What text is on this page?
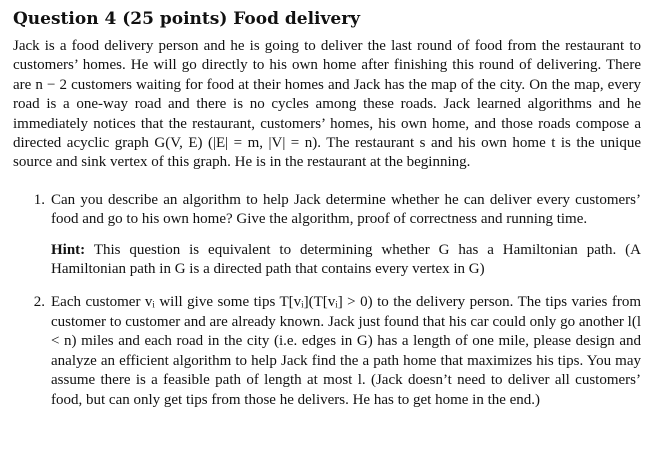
Question 4 (25 points) Food delivery

Jack is a food delivery person and he is going to deliver the last round of food from the restaurant to customers’ homes. He will go directly to his own home after finishing this round of delivering. There are n − 2 customers waiting for food at their homes and Jack has the map of the city. On the map, every road is a one-way road and there is no cycles among these roads. Jack learned algorithms and he immediately notices that the restaurant, customers’ homes, his own home, and those roads compose a directed acyclic graph G(V, E) (|E| = m, |V| = n). The restaurant s and his own home t is the unique source and sink vertex of this graph. He is in the restaurant at the beginning.

1. Can you describe an algorithm to help Jack determine whether he can deliver every customers’ food and go to his own home? Give the algorithm, proof of correctness and running time.

Hint: This question is equivalent to determining whether G has a Hamiltonian path. (A Hamiltonian path in G is a directed path that contains every vertex in G)

2. Each customer vᵢ will give some tips T[vᵢ](T[vᵢ] > 0) to the delivery person. The tips varies from customer to customer and are already known. Jack just found that his car could only go another l(l < n) miles and each road in the city (i.e. edges in G) has a length of one mile, please design and analyze an efficient algorithm to help Jack find the a path home that maximizes his tips. You may assume there is a feasible path of length at most l. (Jack doesn’t need to deliver all customers’ food, but can only get tips from those he delivers. He has to get home in the end.)
